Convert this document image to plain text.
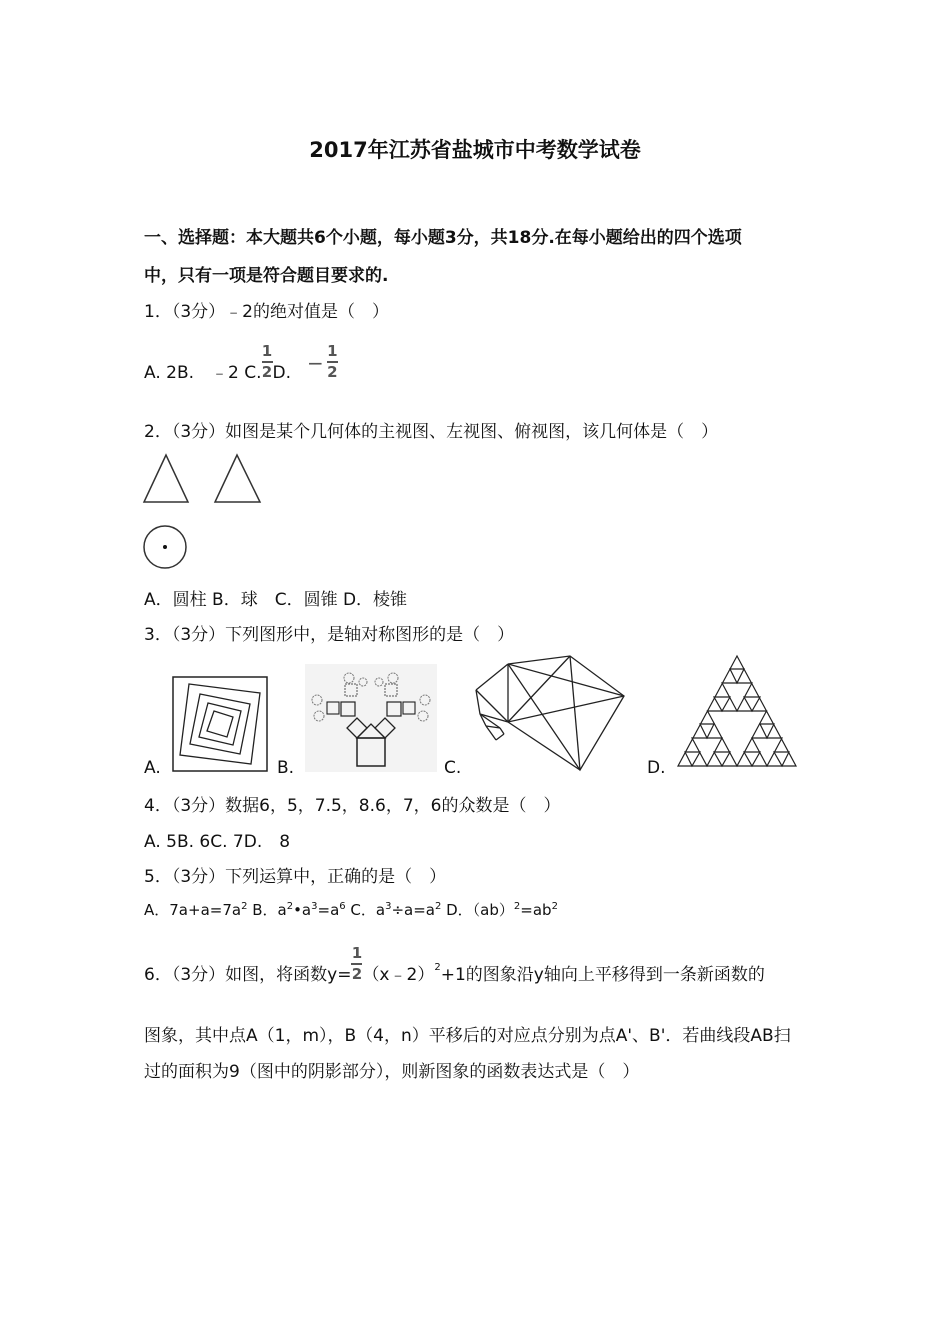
2017年江苏省盐城市中考数学试卷
一、选择题：本大题共6个小题，每小题3分，共18分.在每小题给出的四个选项
中，只有一项是符合题目要求的.
1．（3分）﹣2的绝对值是（　）
A. 2B.　﹣2 C. $\frac{1}{2} D$. − $\frac{1}{2}$
2．（3分）如图是某个几何体的主视图、左视图、俯视图，该几何体是（　）
A．圆柱 B．球　C．圆锥 D．棱锥
3．（3分）下列图形中，是轴对称图形的是（　）
A.	B.	C.	D.
4．（3分）数据6，5，7.5，8.6，7，6的众数是（　）
A. 5B. 6C. 7D.　8
5．（3分）下列运算中，正确的是（　）
A．$7a+a=7a^2$ B．$a^2•a^3=a^6$ C．$a^3\div a=a^2$ D．$(ab)^2=ab^2$
6．（3分）如图，将函数$y= \frac{1}{2}$ （x﹣2） 2 +1的图象沿y轴向上平移得到一条新函数的
图象，其中点A（1，m），B（4，n）平移后的对应点分别为点A'、B'．若曲线段AB扫
过的面积为9（图中的阴影部分），则新图象的函数表达式是（　）
